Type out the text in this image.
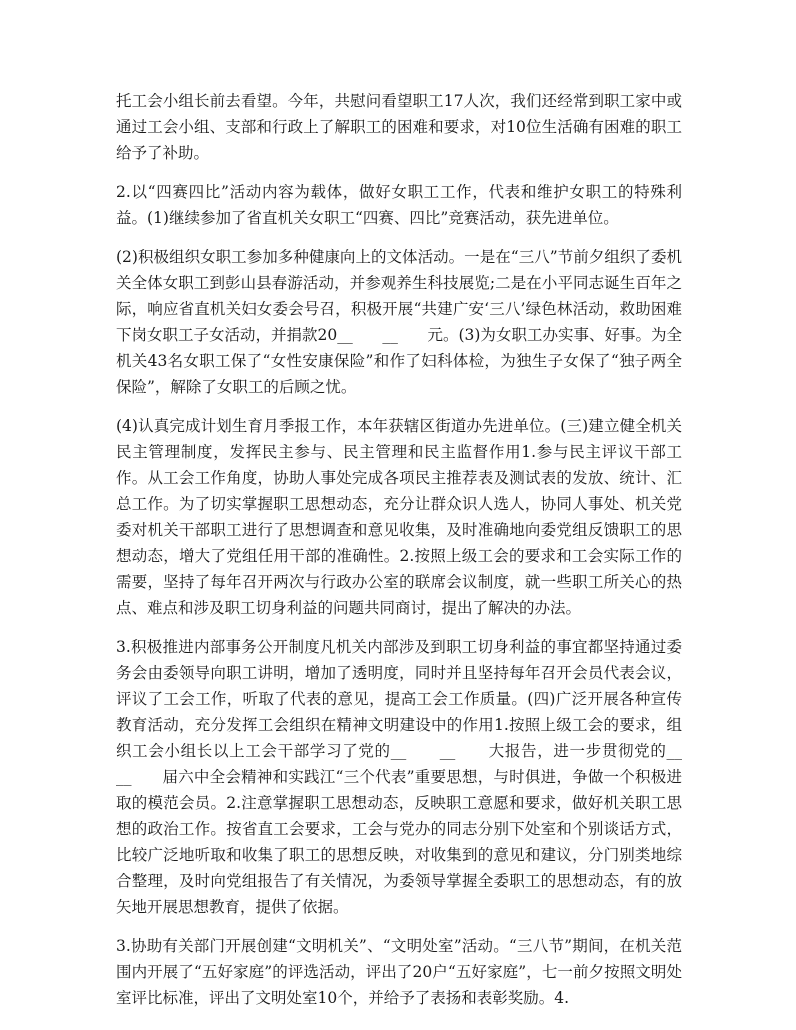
托工会小组长前去看望。今年，共慰问看望职工17人次，我们还经常到职工家中或通过工会小组、支部和行政上了解职工的困难和要求，对10位生活确有困难的职工给予了补助。

2.以“四赛四比”活动内容为载体，做好女职工工作，代表和维护女职工的特殊利益。(1)继续参加了省直机关女职工“四赛、四比”竞赛活动，获先进单位。

(2)积极组织女职工参加多种健康向上的文体活动。一是在“三八”节前夕组织了委机关全体女职工到彭山县春游活动，并参观养生科技展览;二是在小平同志诞生百年之际，响应省直机关妇女委会号召，积极开展“共建广安‘三八’绿色林活动，救助困难下岗女职工子女活动，并捐款20__      __      元。(3)为女职工办实事、好事。为全机关43名女职工保了“女性安康保险”和作了妇科体检，为独生子女保了“独子两全保险”，解除了女职工的后顾之忧。

(4)认真完成计划生育月季报工作，本年获辖区街道办先进单位。(三)建立健全机关民主管理制度，发挥民主参与、民主管理和民主监督作用1.参与民主评议干部工作。从工会工作角度，协助人事处完成各项民主推荐表及测试表的发放、统计、汇总工作。为了切实掌握职工思想动态，充分让群众识人选人，协同人事处、机关党委对机关干部职工进行了思想调查和意见收集，及时准确地向委党组反馈职工的思想动态，增大了党组任用干部的准确性。2.按照上级工会的要求和工会实际工作的需要，坚持了每年召开两次与行政办公室的联席会议制度，就一些职工所关心的热点、难点和涉及职工切身利益的问题共同商讨，提出了解决的办法。

3.积极推进内部事务公开制度凡机关内部涉及到职工切身利益的事宜都坚持通过委务会由委领导向职工讲明，增加了透明度，同时并且坚持每年召开会员代表会议，评议了工会工作，听取了代表的意见，提高工会工作质量。(四)广泛开展各种宣传教育活动，充分发挥工会组织在精神文明建设中的作用1.按照上级工会的要求，组织工会小组长以上工会干部学习了党的__      __      大报告，进一步贯彻党的__      __      届六中全会精神和实践江“三个代表”重要思想，与时俱进，争做一个积极进取的模范会员。2.注意掌握职工思想动态，反映职工意愿和要求，做好机关职工思想的政治工作。按省直工会要求，工会与党办的同志分别下处室和个别谈话方式，比较广泛地听取和收集了职工的思想反映，对收集到的意见和建议，分门别类地综合整理，及时向党组报告了有关情况，为委领导掌握全委职工的思想动态，有的放矢地开展思想教育，提供了依据。

3.协助有关部门开展创建“文明机关”、“文明处室”活动。“三八节”期间，在机关范围内开展了“五好家庭”的评选活动，评出了20户“五好家庭”，七一前夕按照文明处室评比标准，评出了文明处室10个，并给予了表扬和表彰奖励。4.
